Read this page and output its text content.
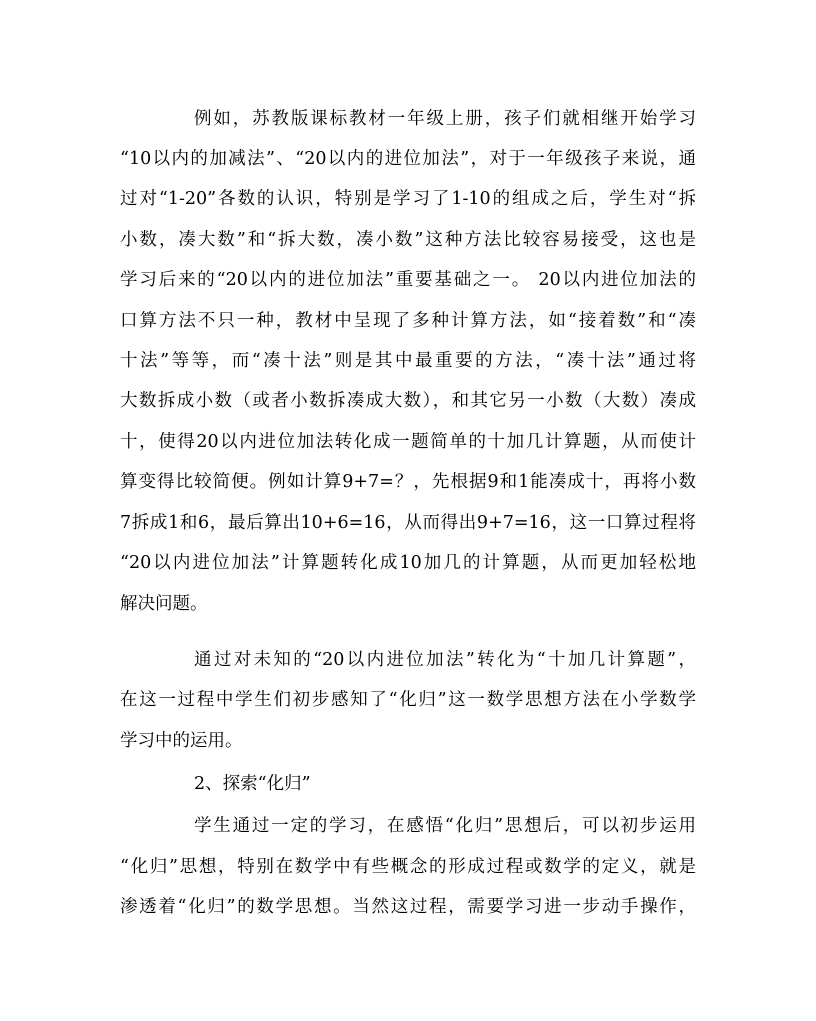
例如，苏教版课标教材一年级上册，孩子们就相继开始学习
“10以内的加减法”、“20以内的进位加法”，对于一年级孩子来说，通
过对“1-20”各数的认识，特别是学习了1-10的组成之后，学生对“拆
小数，凑大数”和“拆大数，凑小数”这种方法比较容易接受，这也是
学习后来的“20以内的进位加法”重要基础之一。 20以内进位加法的
口算方法不只一种，教材中呈现了多种计算方法，如“接着数”和“凑
十法”等等，而“凑十法”则是其中最重要的方法，“凑十法”通过将
大数拆成小数（或者小数拆凑成大数），和其它另一小数（大数）凑成
十，使得20以内进位加法转化成一题简单的十加几计算题，从而使计
算变得比较简便。例如计算9+7=？，先根据9和1能凑成十，再将小数
7拆成1和6，最后算出10+6=16，从而得出9+7=16，这一口算过程将
“20以内进位加法”计算题转化成10加几的计算题，从而更加轻松地
解决问题。
通过对未知的“20以内进位加法”转化为“十加几计算题”，
在这一过程中学生们初步感知了“化归”这一数学思想方法在小学数学
学习中的运用。
2、探索“化归”
学生通过一定的学习，在感悟“化归”思想后，可以初步运用
“化归”思想，特别在数学中有些概念的形成过程或数学的定义，就是
渗透着“化归”的数学思想。当然这过程，需要学习进一步动手操作，
